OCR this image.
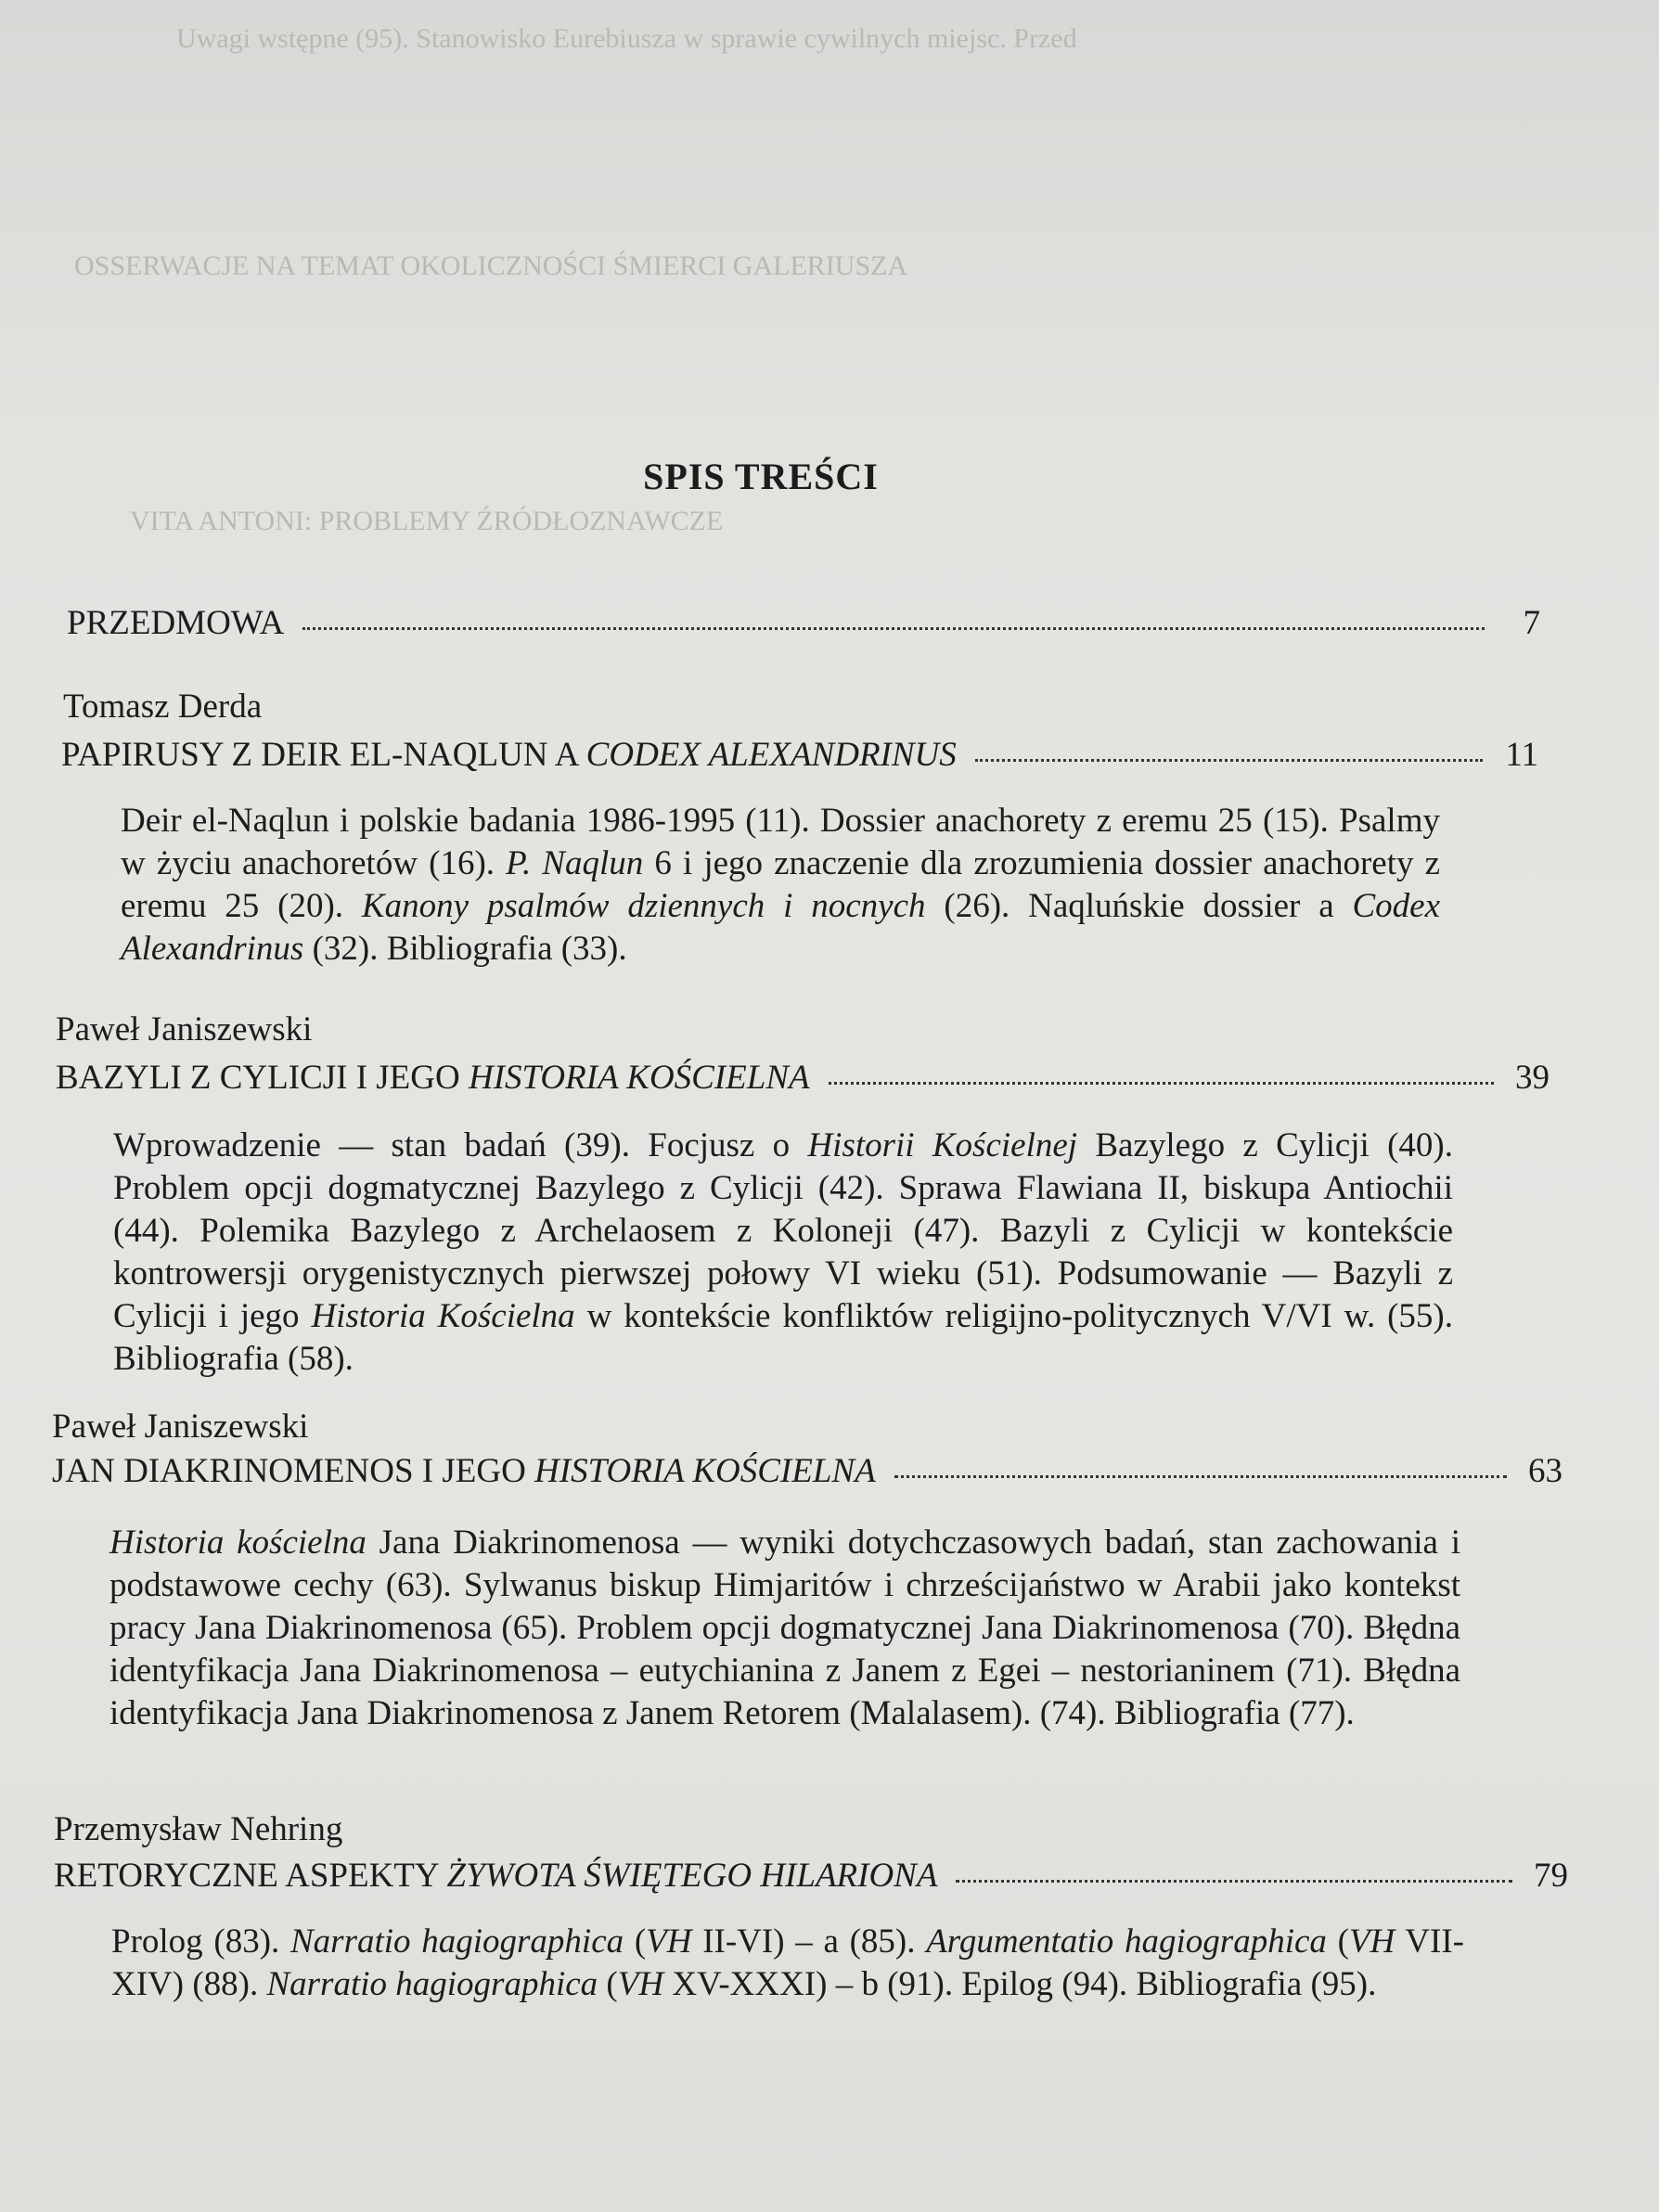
Uwagi wstępne (95). Stanowisko Eurebiusza w sprawie cywilnych miejsc. Przed
OSSERWACJE NA TEMAT OKOLICZNOŚCI ŚMIERCI GALERIUSZA
VITA ANTONI: PROBLEMY ŹRÓDŁOZNAWCZE
SPIS TREŚCI
PRZEDMOWA	7
Tomasz Derda
PAPIRUSY Z DEIR EL-NAQLUN A CODEX ALEXANDRINUS	11
Deir el-Naqlun i polskie badania 1986-1995 (11). Dossier anachorety z eremu 25 (15). Psalmy w życiu anachoretów (16). P. Naqlun 6 i jego znaczenie dla zrozumienia dossier anachorety z eremu 25 (20). Kanony psalmów dziennych i nocnych (26). Naqluńskie dossier a Codex Alexandrinus (32). Bibliografia (33).
Paweł Janiszewski
BAZYLI Z CYLICJI I JEGO HISTORIA KOŚCIELNA	39
Wprowadzenie — stan badań (39). Focjusz o Historii Kościelnej Bazylego z Cylicji (40). Problem opcji dogmatycznej Bazylego z Cylicji (42). Sprawa Flawiana II, biskupa Antiochii (44). Polemika Bazylego z Archelaosem z Koloneji (47). Bazyli z Cylicji w kontekście kontrowersji orygenistycznych pierwszej połowy VI wieku (51). Podsumowanie — Bazyli z Cylicji i jego Historia Kościelna w kontekście konfliktów religijno-politycznych V/VI w. (55). Bibliografia (58).
Paweł Janiszewski
JAN DIAKRINOMENOS I JEGO HISTORIA KOŚCIELNA	63
Historia kościelna Jana Diakrinomenosa — wyniki dotychczasowych badań, stan zachowania i podstawowe cechy (63). Sylwanus biskup Himjaritów i chrześcijaństwo w Arabii jako kontekst pracy Jana Diakrinomenosa (65). Problem opcji dogmatycznej Jana Diakrinomenosa (70). Błędna identyfikacja Jana Diakrinomenosa – eutychianina z Janem z Egei – nestorianinem (71). Błędna identyfikacja Jana Diakrinomenosa z Janem Retorem (Malalasem). (74). Bibliografia (77).
Przemysław Nehring
RETORYCZNE ASPEKTY ŻYWOTA ŚWIĘTEGO HILARIONA	79
Prolog (83). Narratio hagiographica (VH II-VI) – a (85). Argumentatio hagiographica (VH VII-XIV) (88). Narratio hagiographica (VH XV-XXXI) – b (91). Epilog (94). Bibliografia (95).
